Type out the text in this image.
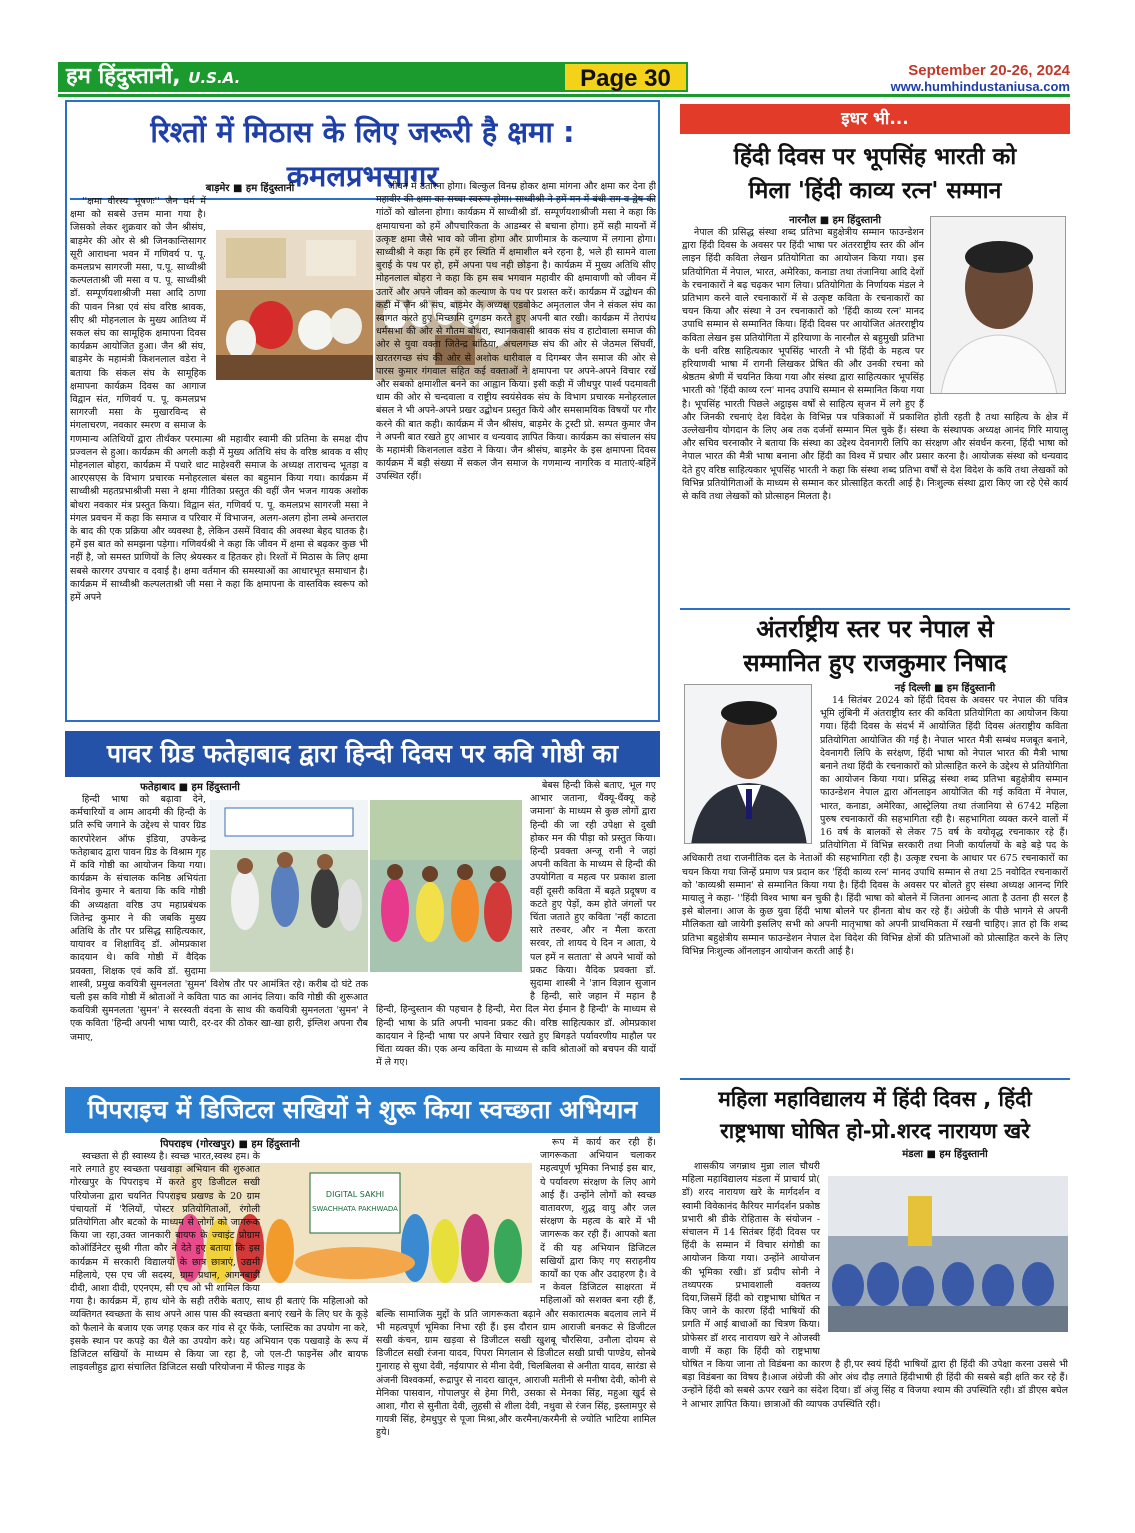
हम हिंदुस्तानी, U.S.A.	Page 30	September 20-26, 2024
www.humhindustaniusa.com
रिश्तों में मिठास के लिए जरूरी है क्षमा : कमलप्रभसागर
बाड़मेर ■ हम हिंदुस्तानी

''क्षमा वीरस्य भूषणः'' जैन धर्म में क्षमा को सबसे उत्तम माना गया है। जिसको लेकर शुक्रवार को जैन श्रीसंघ, बाड़मेर की ओर से श्री जिनकान्तिसागर सूरी आराधना भवन में गणिवर्य प. पू. कमलप्रभ सागरजी मसा, प.पू. साध्वीश्री कल्पलताश्री जी मसा व प. पू. साध्वीश्री डॉ. सम्पूर्णयशाश्रीजी मसा आदि ठाणा की पावन निश्रा एवं संघ वरिष्ठ श्रावक, सीए श्री मोहनलाल के मुख्य आतिथ्य में सकल संघ का सामूहिक क्षमापना दिवस कार्यक्रम आयोजित हुआ। जैन श्री संघ, बाड़मेर के महामंत्री किशनलाल वडेरा ने बताया कि संकल संघ के सामूहिक क्षमापना कार्यक्रम दिवस का आगाज विद्वान संत, गणिवर्य प. पू. कमलप्रभ सागरजी मसा के मुखारविन्द से मंगलाचरण, नवकार स्मरण व समाज के गणमान्य अतिथियों द्वारा तीर्थंकर परमात्मा श्री महावीर स्वामी की प्रतिमा के समक्ष दीप प्रज्वलन से हुआ। कार्यक्रम की अगली कड़ी में मुख्य अतिथि संघ के वरिष्ठ श्रावक व सीए मोहनलाल बोहरा, कार्यक्रम में पधारे धाट माहेश्वरी समाज के अध्यक्ष ताराचन्द भूतड़ा व आरएसएस के विभाग प्रचारक मनोहरलाल बंसल का बहुमान किया गया। कार्यक्रम में साध्वीश्री महतप्रभाश्रीजी मसा ने क्षमा गीतिका प्रस्तुत की वहीं जैन भजन गायक अशोक बोथरा नवकार मंत्र प्रस्तुत किया। विद्वान संत, गणिवर्य प. पू. कमलप्रभ सागरजी मसा ने मंगल प्रवचन में कहा कि समाज व परिवार में विभाजन, अलग-अलग होना लम्बे अन्तराल के बाद की एक प्रक्रिया और व्यवस्था है, लेकिन उसमें विवाद की अवस्था बेहद घातक है। हमें इस बात को समझना पड़ेगा। गणिवर्यश्री ने कहा कि जीवन में क्षमा से बढ़कर कुछ भी नहीं है, जो समस्त प्राणियों के लिए श्रेयस्कर व हितकर हो। रिश्तों में मिठास के लिए क्षमा सबसे कारगर उपचार व दवाई है। क्षमा वर्तमान की समस्याओं का आधारभूत समाधान है। कार्यक्रम में साध्वीश्री कल्पलताश्री जी मसा ने कहा कि क्षमापना के वास्तविक स्वरूप को हमें अपने

जीवन में उतारना होगा। बिल्कुल विनम्र होकर क्षमा मांगना और क्षमा कर देना ही महावीर की क्षमा का सच्चा स्वरूप होगा। साध्वीश्री ने हमें मन में बंधी राग व द्वेष की गांठों को खोलना होगा। कार्यक्रम में साध्वीश्री डॉ. सम्पूर्णयशाश्रीजी मसा ने कहा कि क्षमायाचना को हमें औपचारिकता के आडम्बर से बचाना होगा। हमें सही मायनों में उत्कृष्ट क्षमा जैसे भाव को जीना होगा और प्राणीमात्र के कल्याण में लगाना होगा। साध्वीश्री ने कहा कि हमें हर स्थिति में क्षमाशील बने रहना है, भले ही सामने वाला बुराई के पथ पर हो, हमें अपना पथ नही छोड़ना है। कार्यक्रम में मुख्य अतिथि सीए मोहनलाल बोहरा ने कहा कि हम सब भगवान महावीर की क्षमावाणी को जीवन में उतारें और अपने जीवन को कल्याण के पथ पर प्रशस्त करें। कार्यक्रम में उद्बोधन की कड़ी में जैन श्री संघ, बाड़मेर के अध्यक्ष एडवोकेट अमृतलाल जैन ने संकल संघ का स्वागत करते हुए मिच्छामि दुग्गडम करते हुए अपनी बात रखी। कार्यक्रम में तेरापंथ धर्मसभा की ओर से गौतम बोथरा, स्थानकवासी श्रावक संघ व हाटोवाला समाज की ओर से युवा वक्ता जितेन्द्र बांठिया, अचलगच्छ संघ की ओर से जेठमल सिंघवीं, खरतरगच्छ संघ की ओर से अशोक धारीवाल व दिगम्बर जैन समाज की ओर से पारस कुमार गंगवाल सहित कई वक्ताओं ने क्षमापना पर अपने-अपने विचार रखें और सबको क्षमाशील बनने का आह्वान किया। इसी कड़ी में जीधपुर पार्श्व पदमावती धाम की ओर से चन्दवाला व राष्ट्रीय स्वयंसेवक संघ के विभाग प्रचारक मनोहरलाल बंसल ने भी अपने-अपने प्रखर उद्बोधन प्रस्तुत किये और समसामयिक विषयों पर गौर करने की बात कही। कार्यक्रम में जैन श्रीसंघ, बाड़मेर के ट्रस्टी प्रो. सम्पत कुमार जैन ने अपनी बात रखते हुए आभार व धन्यवाद ज्ञापित किया। कार्यक्रम का संचालन संघ के महामंत्री किशनलाल वडेरा ने किया। जैन श्रीसंघ, बाड़मेर के इस क्षमापना दिवस कार्यक्रम में बड़ी संख्या में सकल जैन समाज के गणमान्य नागरिक व माताएं-बहिनें उपस्थित रहीं।

पावर ग्रिड फतेहाबाद द्वारा हिन्दी दिवस पर कवि गोष्ठी का
फतेहाबाद ■ हम हिंदुस्तानी

हिन्दी भाषा को बढ़ावा देने, कर्मचारियों व आम आदमी की हिन्दी के प्रति रूचि जगाने के उद्देश्य से पावर ग्रिड कारपोरेशन ऑफ इंडिया, उपकेन्द्र फतेहाबाद द्वारा पावन ग्रिड के विश्राम गृह में कवि गोष्ठी का आयोजन किया गया। कार्यक्रम के संचालक कनिष्ठ अभियंता विनोद कुमार ने बताया कि कवि गोष्ठी की अध्यक्षता वरिष्ठ उप महाप्रबंधक जितेन्द्र कुमार ने की जबकि मुख्य अतिथि के तौर पर प्रसिद्ध साहित्यकार, यायावर व शिक्षाविद् डॉ. ओमप्रकाश कादयान थे। कवि गोष्ठी में वैदिक प्रवक्ता, शिक्षक एवं कवि डॉ. सुदामा शास्त्री, प्रमुख कवयित्री सुमनलता 'सुमन' विशेष तौर पर आमंत्रित रहे। करीब दो घंटे तक चली इस कवि गोष्ठी में श्रोताओं ने कविता पाठ का आनंद लिया। कवि गोष्ठी की शुरूआत कवयित्री सुमनलता 'सुमन' ने सरस्वती वंदना के साथ की कवयित्री सुमनलता 'सुमन' ने एक कविता 'हिन्दी अपनी भाषा प्यारी, दर-दर की ठोकर खा-खा हारी, इंग्लिश अपना रौब जमाए,

बेबस हिन्दी किसे बताए, भूल गए आभार जताना, थैंक्यू-थैंक्यू कहे जमाना' के माध्यम से कुछ लोगों द्वारा हिन्दी की जा रही उपेक्षा से दुखी होकर मन की पीड़ा को प्रस्तुत किया। हिन्दी प्रवक्ता अन्जू रानी ने जहां अपनी कविता के माध्यम से हिन्दी की उपयोगिता व महत्व पर प्रकाश डाला वहीं दूसरी कविता में बढ़ते प्रदूषण व कटते हुए पेड़ों, कम होते जंगलों पर चिंता जताते हुए कविता 'नहीं काटता सारे तरुवर, और न मैला करता सरवर, तो शायद ये दिन न आता, ये पल हमें न सताता' से अपने भावों को प्रकट किया। वैदिक प्रवक्ता डॉ. सुदामा शास्त्री ने 'ज्ञान विज्ञान सुजान है हिन्दी, सारे जहान में महान है हिन्दी, हिन्दुस्तान की पहचान है हिन्दी, मेरा दिल मेरा ईमान है हिन्दी' के माध्यम से हिन्दी भाषा के प्रति अपनी भावना प्रकट की। वरिष्ठ साहित्यकार डॉ. ओमप्रकाश कादयान ने हिन्दी भाषा पर अपने विचार रखते हुए बिगड़ते पर्यावरणीय माहौल पर चिंता व्यक्त की। एक अन्य कविता के माध्यम से कवि श्रोताओं को बचपन की यादों में ले गए।

पिपराइच में डिजिटल सखियों ने शुरू किया स्वच्छता अभियान
पिपराइच (गोरखपुर) ■ हम हिंदुस्तानी
DIGITAL SAKHI
SWACHHATA PAKHWADA

स्वच्छता से ही स्वास्थ्य है। स्वच्छ भारत,स्वस्थ हम। के नारे लगाते हुए स्वच्छता पखवाड़ा अभियान की शुरुआत गोरखपुर के पिपराइच में करते हुए डिजीटल सखी परियोजना द्वारा चयनित पिपराइच प्रखण्ड के 20 ग्राम पंचायतों में 'रैलियों, पोस्टर प्रतियोगिताओं, रंगोली प्रतियोगिता और बटको के माध्यम से लोगों को जागरूक किया जा रहा,उक्त जानकारी बायफ के ज्वाइंट प्रोग्राम कोऑर्डिनेटर सुश्री गीता कौर ने देते हुए बताया कि इस कार्यक्रम में सरकारी विद्यालयों के छात्र छात्राएं, उद्यमी महिलाये, एस एच जी सदस्य, ग्राम प्रधान, आगनबाड़ी दीदी, आशा दीदी, एएनएम, सी एच ओ भी शामिल किया गया है। कार्यक्रम में, हाथ धोने के सही तरीके बताए, साथ ही बताएं कि महिलाओ को व्यक्तिगत स्वच्छता के साथ अपने आस पास की स्वच्छता बनाएं रखने के लिए घर के कूड़े को फैलाने के बजाय एक जगह एकत्र कर गांव से दूर फेंके, प्लास्टिक का उपयोग ना करे, इसके स्थान पर कपड़े का थैले का उपयोग करे। यह अभियान एक पखवाड़े के रूप में डिजिटल सखियों के माध्यम से किया जा रहा है, जो एल-टी फाइनेंस और बायफ लाइवलीहुड द्वारा संचालित डिजिटल सखी परियोजना में फील्ड गाइड के

रूप में कार्य कर रही हैं। जागरूकता अभियान चलाकर महत्वपूर्ण भूमिका निभाई इस बार, ये पर्यावरण संरक्षण के लिए आगे आई हैं। उन्होंने लोगों को स्वच्छ वातावरण, शुद्ध वायु और जल संरक्षण के महत्व के बारे में भी जागरूक कर रही हैं। आपको बता दें की यह अभियान डिजिटल सखियों द्वारा किए गए सराहनीय कार्यों का एक और उदाहरण है। वे न केवल डिजिटल साक्षरता में महिलाओं को सशक्त बना रही हैं, बल्कि सामाजिक मुद्दों के प्रति जागरूकता बढ़ाने और सकारात्मक बदलाव लाने में भी महत्वपूर्ण भूमिका निभा रही हैं। इस दौरान ग्राम आराजी बनकट से डिजीटल सखी कंचन, ग्राम खड़वा से डिजीटल सखी खुशबू चौरसिया, उनौला दोयम से डिजीटल सखी रंजना यादव, पिपरा मिगलान से डिजीटल सखी प्राची पाण्डेय, सोनबे गुनाराह से सुधा देवी, नईयापार से मीना देवी, चिलबिलवा से अनीता यादव, सारंडा से अंजनी विश्वकर्मा, रूद्रापुर से नादरा खातून, आराजी मतीनी से मनीषा देवी, कोनी से मेनिका पासवान, गोपालपुर से हेमा गिरी, उसका से मेनका सिंह, महुआ खुर्द से आशा, गौरा से सुनीता देवी, लुहसी से शीला देवी, नथुवा से रंजन सिंह, इस्लामपुर से गायत्री सिंह, हेमधुपुर से पूजा मिश्रा,और करमैना/करमैनी से ज्योति भाटिया शामिल हुये।

इधर भी...
हिंदी दिवस पर भूपसिंह भारती को
मिला 'हिंदी काव्य रत्न' सम्मान
नारनौल ■ हम हिंदुस्तानी

नेपाल की प्रसिद्ध संस्था शब्द प्रतिभा बहुक्षेत्रीय सम्मान फाउन्डेशन द्वारा हिंदी दिवस के अवसर पर हिंदी भाषा पर अंतरराष्ट्रीय स्तर की ऑन लाइन हिंदी कविता लेखन प्रतियोगिता का आयोजन किया गया। इस प्रतियोगिता में नेपाल, भारत, अमेरिका, कनाडा तथा तंजानिया आदि देशों के रचनाकारों ने बढ़ चढ़कर भाग लिया। प्रतियोगिता के निर्णायक मंडल ने प्रतिभाग करने वाले रचनाकारों में से उत्कृष्ट कविता के रचनाकारों का चयन किया और संस्था ने उन रचनाकारों को 'हिंदी काव्य रत्न' मानद उपाधि सम्मान से सम्मानित किया। हिंदी दिवस पर आयोजित अंतरराष्ट्रीय कविता लेखन इस प्रतियोगिता में हरियाणा के नारनौल से बहुमुखी प्रतिभा के धनी वरिष्ठ साहित्यकार भूपसिंह भारती ने भी हिंदी के महत्व पर हरियाणवी भाषा में रागनी लिखकर प्रेषित की और उनकी रचना को श्रेष्ठतम श्रेणी में चयनित किया गया और संस्था द्वारा साहित्यकार भूपसिंह भारती को 'हिंदी काव्य रत्न' मानद उपाधि सम्मान से सम्मानित किया गया है। भूपसिंह भारती पिछले अट्ठाइस वर्षों से साहित्य सृजन में लगे हुए हैं और जिनकी रचनाएं देश विदेश के विभिन्न पत्र पत्रिकाओं में प्रकाशित होती रहती है तथा साहित्य के क्षेत्र में उल्लेखनीय योगदान के लिए अब तक दर्जनों सम्मान मिल चुके हैं। संस्था के संस्थापक अध्यक्ष आनंद गिरि मायालु और सचिव चरनाकौर ने बताया कि संस्था का उद्देश्य देवनागरी लिपि का संरक्षण और संवर्धन करना, हिंदी भाषा को नेपाल भारत की मैत्री भाषा बनाना और हिंदी का विश्व में प्रचार और प्रसार करना है। आयोजक संस्था को धन्यवाद देते हुए वरिष्ठ साहित्यकार भूपसिंह भारती ने कहा कि संस्था शब्द प्रतिभा वर्षों से देश विदेश के कवि तथा लेखकों को विभिन्न प्रतियोगिताओं के माध्यम से सम्मान कर प्रोत्साहित करती आई है। निःशुल्क संस्था द्वारा किए जा रहे ऐसे कार्य से कवि तथा लेखकों को प्रोत्साहन मिलता है।

अंतर्राष्ट्रीय स्तर पर नेपाल से
सम्मानित हुए राजकुमार निषाद
नई दिल्ली ■ हम हिंदुस्तानी

14 सितंबर 2024 को हिंदी दिवस के अवसर पर नेपाल की पवित्र भूमि लुंबिनी में अंतराष्ट्रीय स्तर की कविता प्रतियोगिता का आयोजन किया गया। हिंदी दिवस के संदर्भ में आयोजित हिंदी दिवस अंतराष्ट्रीय कविता प्रतियोगिता आयोजित की गई है। नेपाल भारत मैत्री सम्बंध मजबूत बनाने, देवनागरी लिपि के सरंक्षण, हिंदी भाषा को नेपाल भारत की मैत्री भाषा बनाने तथा हिंदी के रचनाकारों को प्रोत्साहित करने के उद्देश्य से प्रतियोगिता का आयोजन किया गया। प्रसिद्ध संस्था शब्द प्रतिभा बहुक्षेत्रीय सम्मान फाउन्डेशन नेपाल द्वारा ऑनलाइन आयोजित की गई कविता में नेपाल, भारत, कनाडा, अमेरिका, आस्ट्रेलिया तथा तंजानिया से 6742 महिला पुरुष रचनाकारों की सहभागिता रही है। सहभागिता व्यक्त करने वालों में 16 वर्ष के बालकों से लेकर 75 वर्ष के वयोवृद्ध रचनाकार रहे हैं। प्रतियोगिता में विभिन्न सरकारी तथा निजी कार्यालयों के बड़े बड़े पद के अधिकारी तथा राजनीतिक दल के नेताओं की सहभागिता रही है। उत्कृष्ट रचना के आधार पर 675 रचनाकारों का चयन किया गया जिन्हें प्रमाण पत्र प्रदान कर 'हिंदी काव्य रत्न' मानद उपाधि सम्मान से तथा 25 नवोदित रचनाकारों को 'काव्यश्री सम्मान' से सम्मानित किया गया है। हिंदी दिवस के अवसर पर बोलते हुए संस्था अध्यक्ष आनन्द गिरि मायालु ने कहा- ''हिंदी विश्व भाषा बन चुकी है। हिंदी भाषा को बोलने में जितना आनन्द आता है उतना ही सरल है इसे बोलना। आज के कुछ युवा हिंदी भाषा बोलने पर हीनता बोध कर रहे हैं। अंग्रेजी के पीछे भागने से अपनी मौलिकता खो जायेगी इसलिए सभी को अपनी मातृभाषा को अपनी प्राथमिकता में रखनी चाहिए। ज्ञात हो कि शब्द प्रतिभा बहुक्षेत्रीय सम्मान फाउन्डेशन नेपाल देश विदेश की विभिन्न क्षेत्रों की प्रतिभाओं को प्रोत्साहित करने के लिए विभिन्न निःशुल्क ऑनलाइन आयोजन करती आई है।

महिला महाविद्यालय में हिंदी दिवस , हिंदी
राष्ट्रभाषा घोषित हो-प्रो.शरद नारायण खरे
मंडला ■ हम हिंदुस्तानी

शासकीय जगन्नाथ मुन्ना लाल चौधरी महिला महाविद्यालय मंडला में प्राचार्य प्रो( डॉ) शरद नारायण खरे के मार्गदर्शन व स्वामी विवेकानंद कैरियर मार्गदर्शन प्रकोष्ठ प्रभारी श्री डीके रोहितास के संयोजन - संचालन में 14 सितंबर हिंदी दिवस पर हिंदी के सम्मान में विचार संगोष्ठी का आयोजन किया गया। उन्होंने आयोजन की भूमिका रखी। डॉ प्रदीप सोनी ने तथ्यपरक प्रभावशाली वक्तव्य दिया,जिसमें हिंदी को राष्ट्रभाषा घोषित न किए जाने के कारण हिंदी भाषियों की प्रगति में आई बाधाओं का चित्रण किया। प्रोफेसर डॉ शरद नारायण खरे ने ओजस्वी वाणी में कहा कि हिंदी को राष्ट्रभाषा घोषित न किया जाना तो विडंबना का कारण है ही,पर स्वयं हिंदी भाषियों द्वारा ही हिंदी की उपेक्षा करना उससे भी बड़ा विडंबना का विषय है।आज अंग्रेजी की ओर अंध दौड़ लगाते हिंदीभाषी ही हिंदी की सबसे बड़ी क्षति कर रहे हैं। उन्होंने हिंदी को सबसे ऊपर रखने का संदेश दिया। डॉ अंजु सिंह व विजया श्याम की उपस्थिति रही। डॉ डीएस बघेल ने आभार ज्ञापित किया। छात्राओं की व्यापक उपस्थिति रही।
